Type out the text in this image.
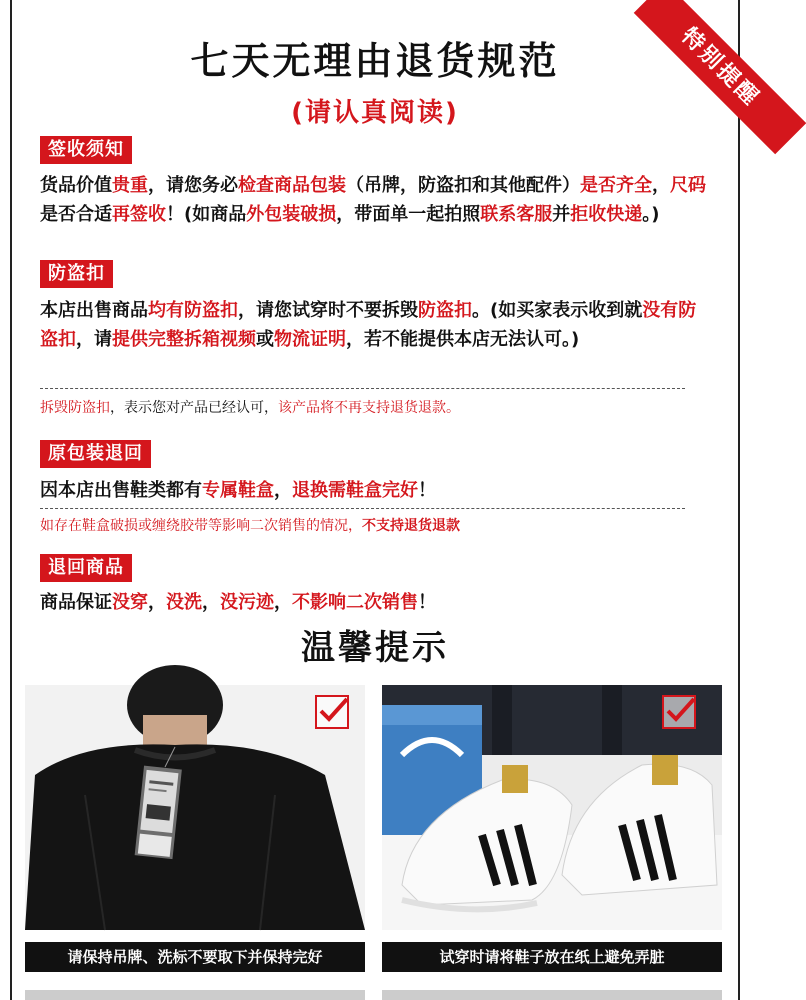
七天无理由退货规范
(请认真阅读)
特别提醒
签收须知
货品价值贵重，请您务必检查商品包装（吊牌，防盗扣和其他配件）是否齐全，尺码是否合适再签收！(如商品外包装破损，带面单一起拍照联系客服并拒收快递。)
防盗扣
本店出售商品均有防盗扣，请您试穿时不要拆毁防盗扣。(如买家表示收到就没有防盗扣，请提供完整拆箱视频或物流证明，若不能提供本店无法认可。)
拆毁防盗扣，表示您对产品已经认可，该产品将不再支持退货退款。
原包装退回
因本店出售鞋类都有专属鞋盒，退换需鞋盒完好！
如存在鞋盒破损或缠绕胶带等影响二次销售的情况，不支持退货退款
退回商品
商品保证没穿，没洗，没污迹，不影响二次销售！
温馨提示
请保持吊牌、洗标不要取下并保持完好	试穿时请将鞋子放在纸上避免弄脏
